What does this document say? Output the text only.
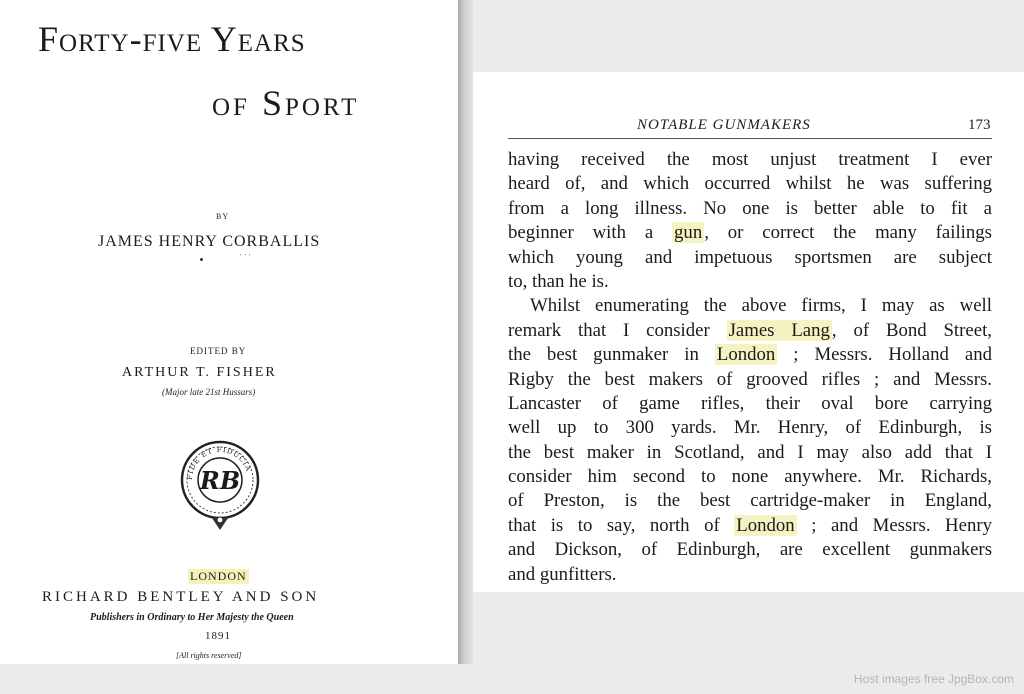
Forty-five Years
of Sport
BY
JAMES HENRY CORBALLIS
' ' '
EDITED BY
ARTHUR T. FISHER
(Major late 21st Hussars)
FIDE ET FIDUCIA
RB
LONDON
RICHARD BENTLEY AND SON
Publishers in Ordinary to Her Majesty the Queen
1891
[All rights reserved]
NOTABLE GUNMAKERS	173
having received the most unjust treatment I ever
heard of, and which occurred whilst he was suffering
from a long illness. No one is better able to fit a
beginner with a gun , or correct the many failings
which young and impetuous sportsmen are subject
to, than he is.
Whilst enumerating the above firms, I may as well
remark that I consider James Lang , of Bond Street,
the best gunmaker in London ; Messrs. Holland and
Rigby the best makers of grooved rifles ; and Messrs.
Lancaster of game rifles, their oval bore carrying
well up to 300 yards. Mr. Henry, of Edinburgh, is
the best maker in Scotland, and I may also add that I
consider him second to none anywhere. Mr. Richards,
of Preston, is the best cartridge-maker in England,
that is to say, north of London ; and Messrs. Henry
and Dickson, of Edinburgh, are excellent gunmakers
and gunfitters.
Host images free JpgBox.com
